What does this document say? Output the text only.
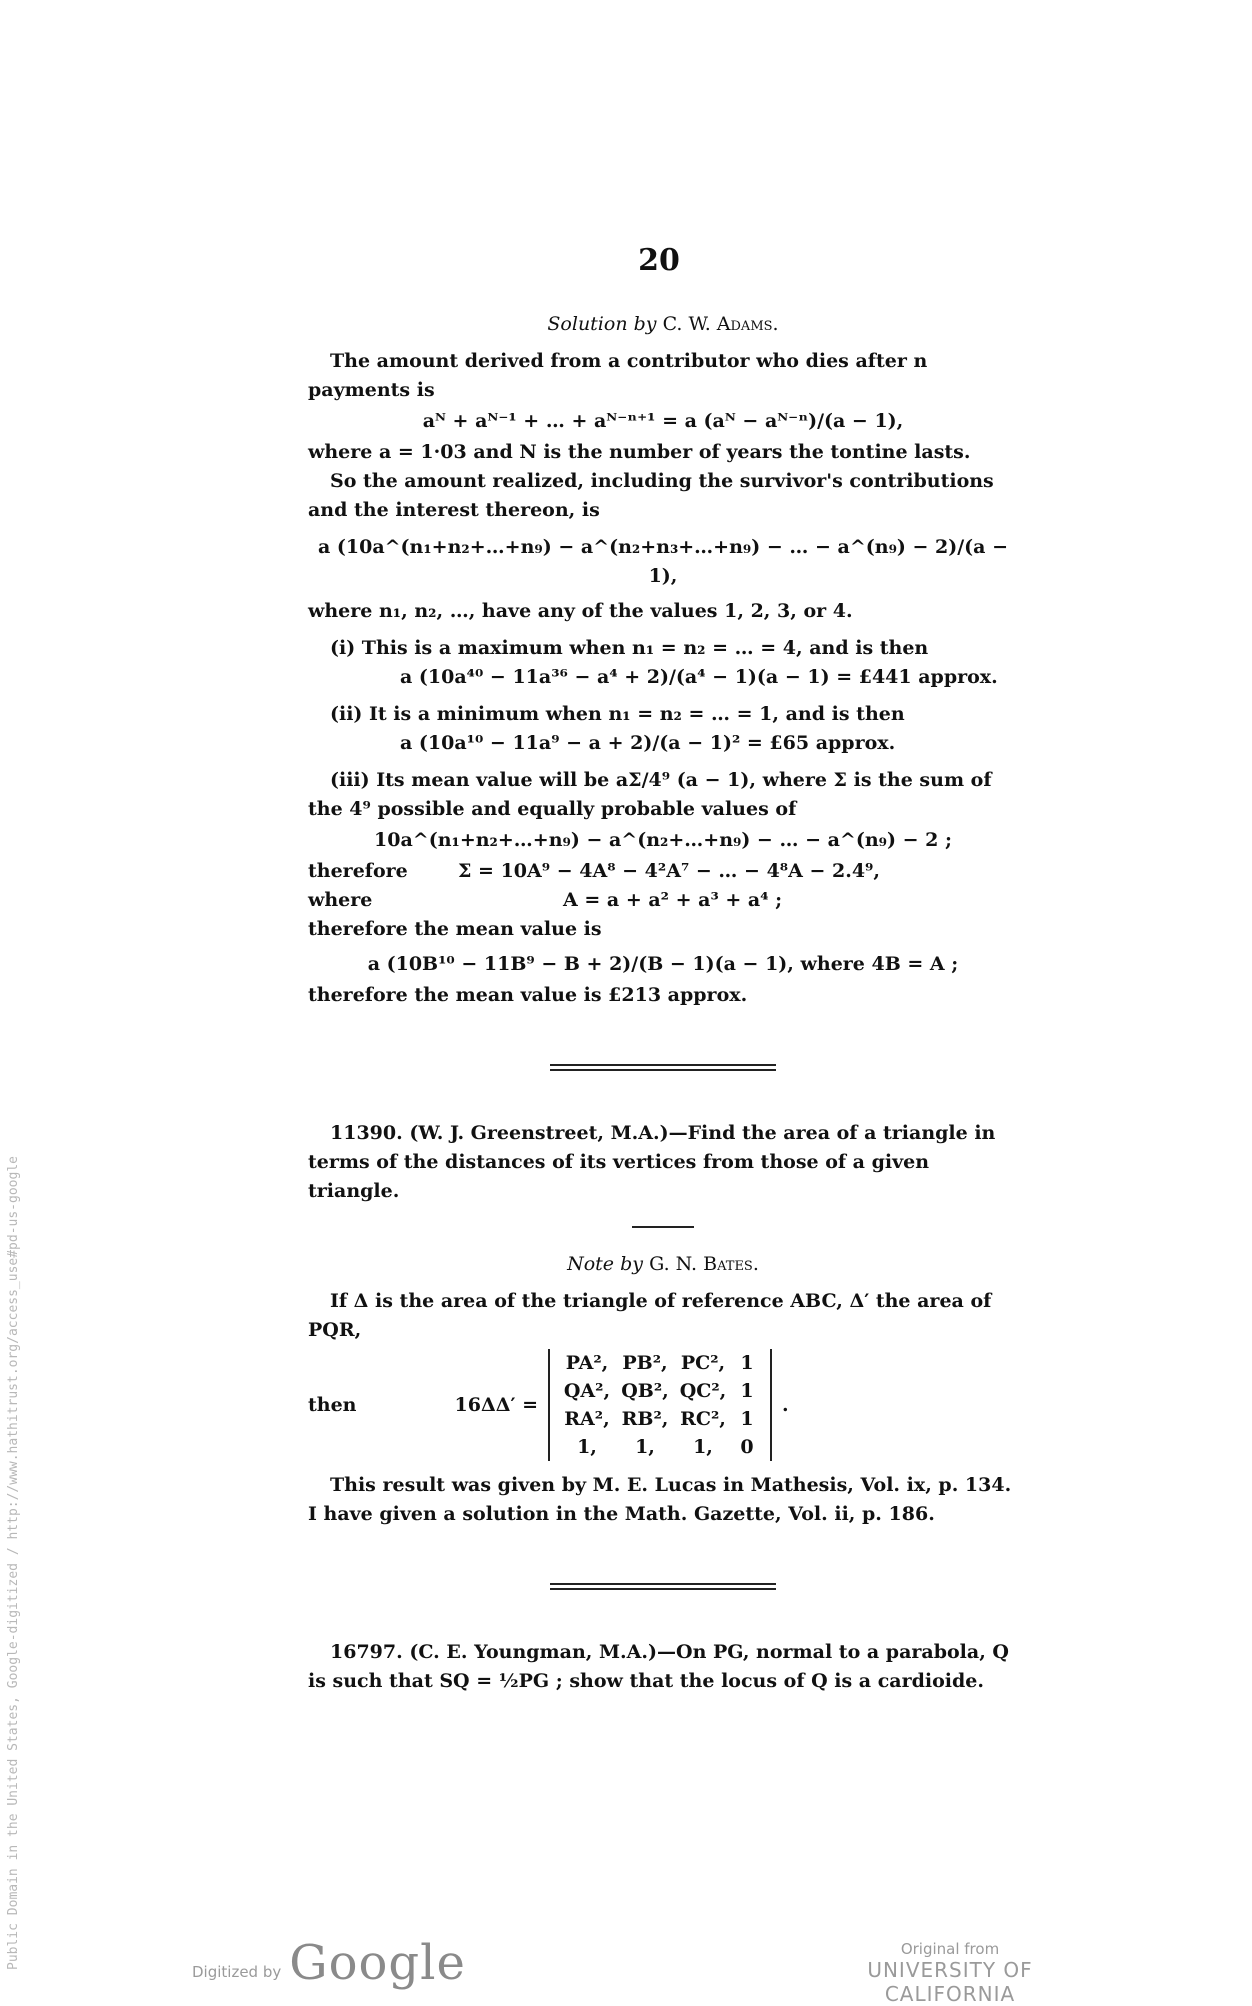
20
Solution by C. W. Adams.

The amount derived from a contributor who dies after n payments is

aᴺ + aᴺ⁻¹ + … + aᴺ⁻ⁿ⁺¹ = a (aᴺ − aᴺ⁻ⁿ)/(a − 1),

where a = 1·03 and N is the number of years the tontine lasts.

So the amount realized, including the survivor's contributions and the interest thereon, is

a (10a^(n₁+n₂+…+n₉) − a^(n₂+n₃+…+n₉) − … − a^(n₉) − 2)/(a − 1),

where n₁, n₂, …, have any of the values 1, 2, 3, or 4.

(i) This is a maximum when n₁ = n₂ = … = 4, and is then

a (10a⁴⁰ − 11a³⁶ − a⁴ + 2)/(a⁴ − 1)(a − 1) = £441 approx.

(ii) It is a minimum when n₁ = n₂ = … = 1, and is then

a (10a¹⁰ − 11a⁹ − a + 2)/(a − 1)² = £65 approx.

(iii) Its mean value will be aΣ/4⁹ (a − 1), where Σ is the sum of the 4⁹ possible and equally probable values of

10a^(n₁+n₂+…+n₉) − a^(n₂+…+n₉) − … − a^(n₉) − 2 ;

therefore	Σ = 10A⁹ − 4A⁸ − 4²A⁷ − … − 4⁸A − 2.4⁹,
where	A = a + a² + a³ + a⁴ ;

therefore the mean value is

a (10B¹⁰ − 11B⁹ − B + 2)/(B − 1)(a − 1), where 4B = A ;

therefore the mean value is £213 approx.

11390. (W. J. Greenstreet, M.A.)—Find the area of a triangle in terms of the distances of its vertices from those of a given triangle.

Note by G. N. Bates.

If Δ is the area of the triangle of reference ABC, Δ′ the area of PQR,

then	16ΔΔ′ =
PA², PB², PC², 1
QA², QB², QC², 1
RA², RB², RC², 1
1,	1,	1,	0
.

This result was given by M. E. Lucas in Mathesis, Vol. ix, p. 134. I have given a solution in the Math. Gazette, Vol. ii, p. 186.

16797. (C. E. Youngman, M.A.)—On PG, normal to a parabola, Q is such that SQ = ½PG ; show that the locus of Q is a cardioide.

Public Domain in the United States, Google-digitized / http://www.hathitrust.org/access_use#pd-us-google
Digitized by Google	Original from
UNIVERSITY OF CALIFORNIA
